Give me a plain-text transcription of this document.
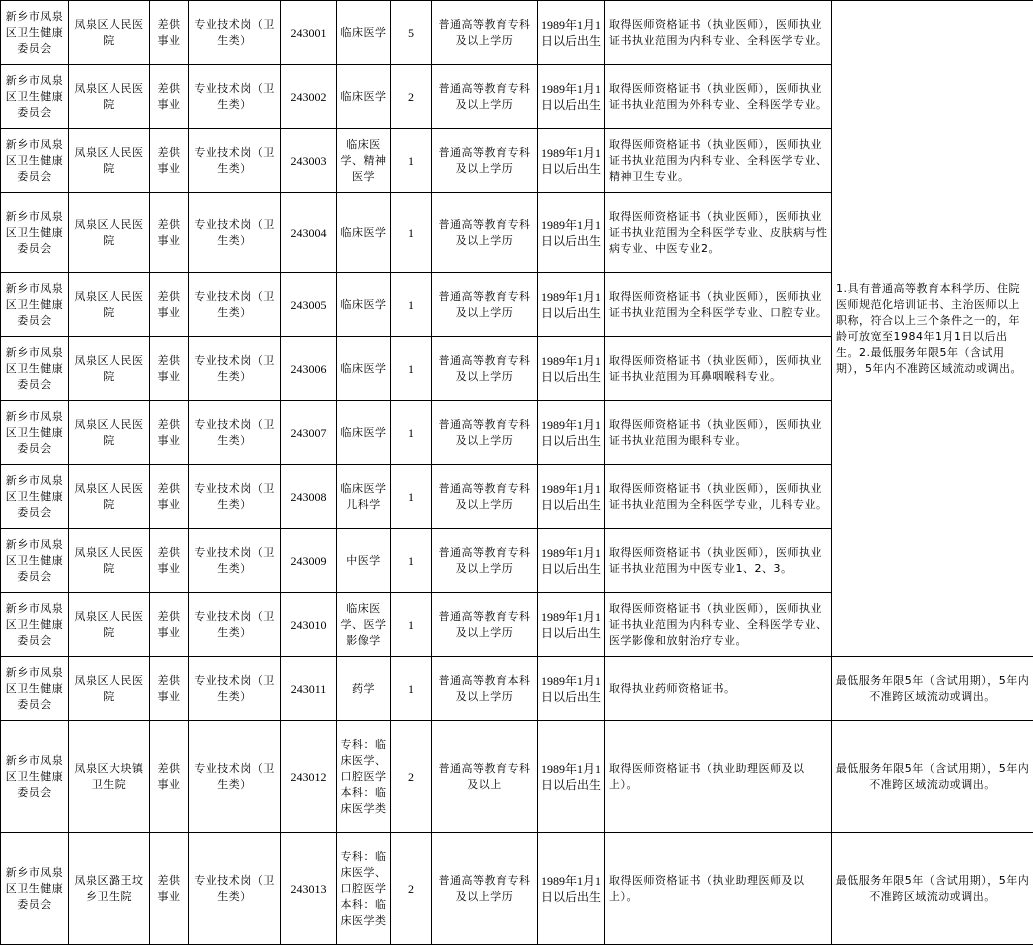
新乡市凤泉区卫生健康委员会	凤泉区人民医院	差供事业	专业技术岗（卫生类）	243001	临床医学	5	普通高等教育专科及以上学历	1989年1月1日以后出生	取得医师资格证书（执业医师），医师执业证书执业范围为内科专业、全科医学专业。	1.具有普通高等教育本科学历、住院医师规范化培训证书、主治医师以上职称，符合以上三个条件之一的，年龄可放宽至1984年1月1日以后出生。2.最低服务年限5年（含试用期），5年内不准跨区域流动或调出。
新乡市凤泉区卫生健康委员会	凤泉区人民医院	差供事业	专业技术岗（卫生类）	243002	临床医学	2	普通高等教育专科及以上学历	1989年1月1日以后出生	取得医师资格证书（执业医师），医师执业证书执业范围为外科专业、全科医学专业。	
新乡市凤泉区卫生健康委员会	凤泉区人民医院	差供事业	专业技术岗（卫生类）	243003	临床医学、精神医学	1	普通高等教育专科及以上学历	1989年1月1日以后出生	取得医师资格证书（执业医师），医师执业证书执业范围为内科专业、全科医学专业、精神卫生专业。	
新乡市凤泉区卫生健康委员会	凤泉区人民医院	差供事业	专业技术岗（卫生类）	243004	临床医学	1	普通高等教育专科及以上学历	1989年1月1日以后出生	取得医师资格证书（执业医师），医师执业证书执业范围为全科医学专业、皮肤病与性病专业、中医专业2。	
新乡市凤泉区卫生健康委员会	凤泉区人民医院	差供事业	专业技术岗（卫生类）	243005	临床医学	1	普通高等教育专科及以上学历	1989年1月1日以后出生	取得医师资格证书（执业医师），医师执业证书执业范围为全科医学专业、口腔专业。	
新乡市凤泉区卫生健康委员会	凤泉区人民医院	差供事业	专业技术岗（卫生类）	243006	临床医学	1	普通高等教育专科及以上学历	1989年1月1日以后出生	取得医师资格证书（执业医师），医师执业证书执业范围为耳鼻咽喉科专业。	
新乡市凤泉区卫生健康委员会	凤泉区人民医院	差供事业	专业技术岗（卫生类）	243007	临床医学	1	普通高等教育专科及以上学历	1989年1月1日以后出生	取得医师资格证书（执业医师），医师执业证书执业范围为眼科专业。	
新乡市凤泉区卫生健康委员会	凤泉区人民医院	差供事业	专业技术岗（卫生类）	243008	临床医学 儿科学	1	普通高等教育专科及以上学历	1989年1月1日以后出生	取得医师资格证书（执业医师），医师执业证书执业范围为全科医学专业，儿科专业。	
新乡市凤泉区卫生健康委员会	凤泉区人民医院	差供事业	专业技术岗（卫生类）	243009	中医学	1	普通高等教育专科及以上学历	1989年1月1日以后出生	取得医师资格证书（执业医师），医师执业证书执业范围为中医专业1、2、3。	
新乡市凤泉区卫生健康委员会	凤泉区人民医院	差供事业	专业技术岗（卫生类）	243010	临床医学、医学影像学	1	普通高等教育专科及以上学历	1989年1月1日以后出生	取得医师资格证书（执业医师），医师执业证书执业范围为内科专业、全科医学专业、医学影像和放射治疗专业。	
新乡市凤泉区卫生健康委员会	凤泉区人民医院	差供事业	专业技术岗（卫生类）	243011	药学	1	普通高等教育本科及以上学历	1989年1月1日以后出生	取得执业药师资格证书。	最低服务年限5年（含试用期），5年内不准跨区域流动或调出。
新乡市凤泉区卫生健康委员会	凤泉区大块镇卫生院	差供事业	专业技术岗（卫生类）	243012	专科：临床医学、口腔医学本科：临床医学类	2	普通高等教育专科及以上	1989年1月1日以后出生	取得医师资格证书（执业助理医师及以上）。	最低服务年限5年（含试用期），5年内不准跨区域流动或调出。
新乡市凤泉区卫生健康委员会	凤泉区潞王坟乡卫生院	差供事业	专业技术岗（卫生类）	243013	专科：临床医学、口腔医学本科：临床医学类	2	普通高等教育专科及以上学历	1989年1月1日以后出生	取得医师资格证书（执业助理医师及以上）。	最低服务年限5年（含试用期），5年内不准跨区域流动或调出。
